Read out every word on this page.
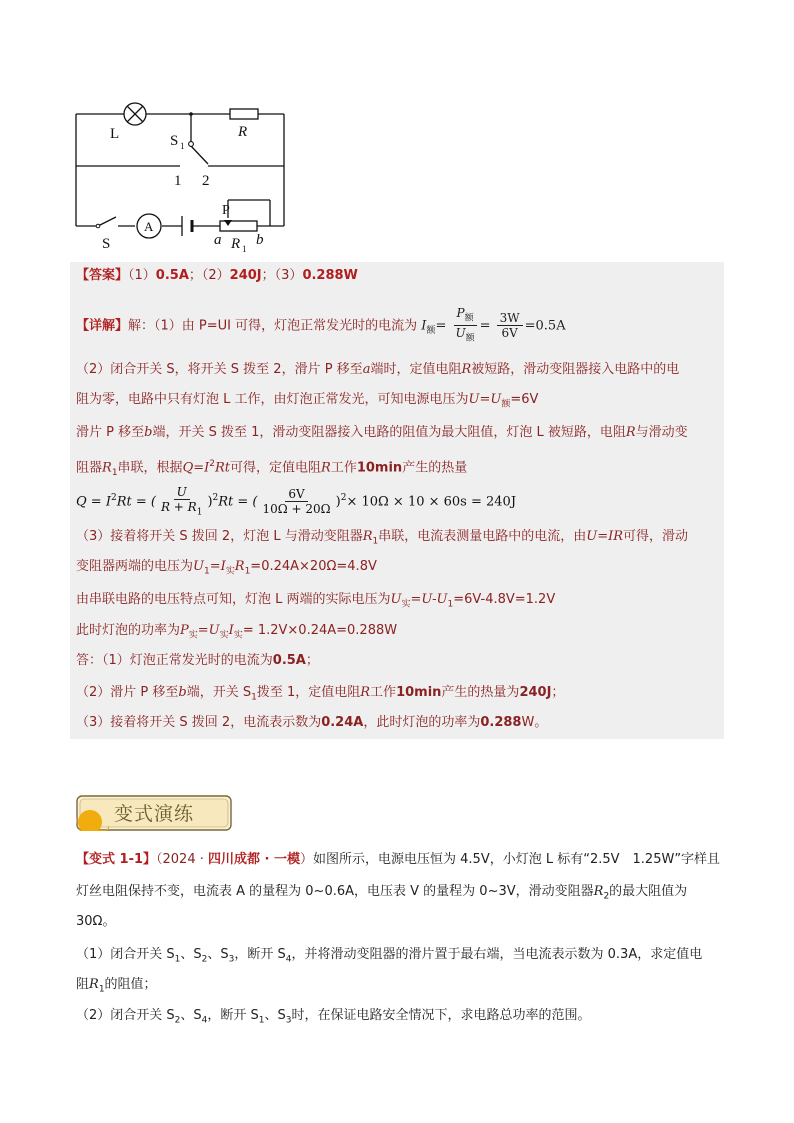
L	S 1
R
1 2
P
S
A
a R 1
b
【答案】（1）0.5A；（2）240J；（3）0.288W
【详解】解：（1）由 P=UI 可得，灯泡正常发光时的电流为 $I_额= \frac{P_额}{U_额} = \frac{3W}{6V} =0.5A$
（2）闭合开关 S，将开关 S 拨至 2，滑片 P 移至a端时，定值电阻R被短路，滑动变阻器接入电路中的电
阻为零，电路中只有灯泡 L 工作，由灯泡正常发光，可知电源电压为$U=U_额=6V$
滑片 P 移至b端，开关 S 拨至 1，滑动变阻器接入电路的阻值为最大阻值，灯泡 L 被短路，电阻R与滑动变
阻器$R_1$串联，根据$Q=I^2Rt$可得，定值电阻R工作10min产生的热量
$Q = I^2Rt$ = ( $\frac{U}{R + R_1} )^2Rt$ = ( $\frac{6V}{10\Omega + 20\Omega} )^2\times 10\Omega \times 10 \times 60s = 240J$
（3）接着将开关 S 拨回 2，灯泡 L 与滑动变阻器$R_1$串联，电流表测量电路中的电流，由U=IR可得，滑动
变阻器两端的电压为$U_1=I_实R_1=0.24A\times 20\Omega=4.8V$
由串联电路的电压特点可知，灯泡 L 两端的实际电压为$U_实=U-U_1=6V-4.8V=1.2V$
此时灯泡的功率为$P_实=U_实I_实= 1.2V\times 0.24A=0.288W$
答：（1）灯泡正常发光时的电流为0.5A；
（2）滑片 P 移至b端，开关 $S_1$拨至 1，定值电阻R工作10min产生的热量为240J；
（3）接着将开关 S 拨回 2，电流表示数为0.24A，此时灯泡的功率为0.288W。
变式演练
【变式 1-1】（2024 · 四川成都 · 一模）如图所示，电源电压恒为 4.5V，小灯泡 L 标有“2.5V　1.25W”字样且
灯丝电阻保持不变，电流表 A 的量程为 0~0.6A，电压表 V 的量程为 0~3V，滑动变阻器$R_2$的最大阻值为
30Ω。
（1）闭合开关 $S_1$、$S_2$、$S_3$，断开 $S_4$，并将滑动变阻器的滑片置于最右端，当电流表示数为 0.3A，求定值电
阻$R_1$的阻值；
（2）闭合开关 $S_2$、$S_4$，断开 $S_1$、$S_3$时，在保证电路安全情况下，求电路总功率的范围。
